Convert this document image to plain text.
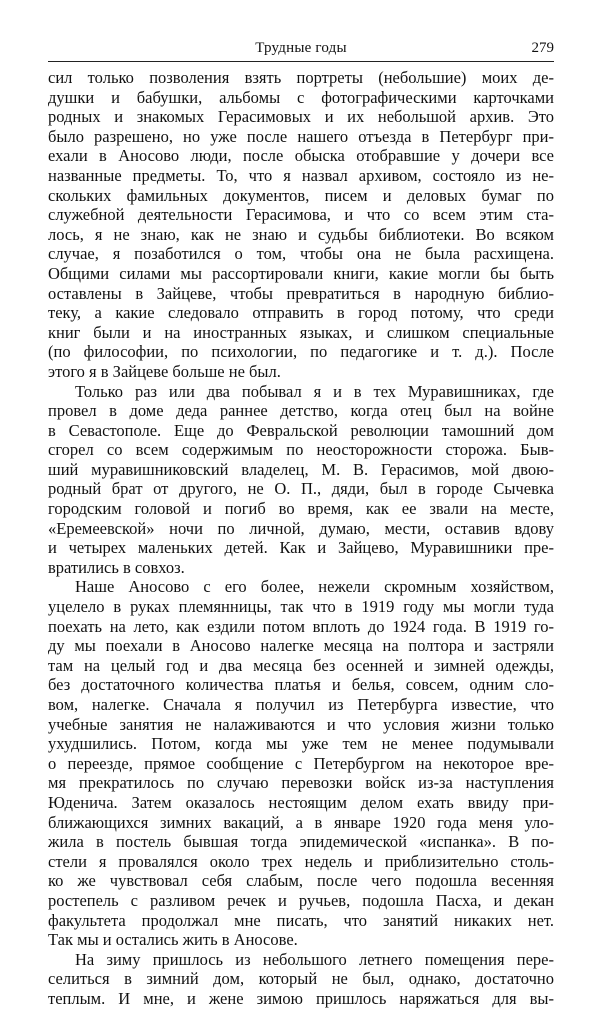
Трудные годы	279
сил только позволения взять портреты (небольшие) моих де-
душки и бабушки, альбомы с фотографическими карточками
родных и знакомых Герасимовых и их небольшой архив. Это
было разрешено, но уже после нашего отъезда в Петербург при-
ехали в Аносово люди, после обыска отобравшие у дочери все
названные предметы. То, что я назвал архивом, состояло из не-
скольких фамильных документов, писем и деловых бумаг по
служебной деятельности Герасимова, и что со всем этим ста-
лось, я не знаю, как не знаю и судьбы библиотеки. Во всяком
случае, я позаботился о том, чтобы она не была расхищена.
Общими силами мы рассортировали книги, какие могли бы быть
оставлены в Зайцеве, чтобы превратиться в народную библио-
теку, а какие следовало отправить в город потому, что среди
книг были и на иностранных языках, и слишком специальные
(по философии, по психологии, по педагогике и т. д.). После
этого я в Зайцеве больше не был.
Только раз или два побывал я и в тех Муравишниках, где
провел в доме деда раннее детство, когда отец был на войне
в Севастополе. Еще до Февральской революции тамошний дом
сгорел со всем содержимым по неосторожности сторожа. Быв-
ший муравишниковский владелец, М. В. Герасимов, мой двою-
родный брат от другого, не О. П., дяди, был в городе Сычевка
городским головой и погиб во время, как ее звали на месте,
«Еремеевской» ночи по личной, думаю, мести, оставив вдову
и четырех маленьких детей. Как и Зайцево, Муравишники пре-
вратились в совхоз.
Наше Аносово с его более, нежели скромным хозяйством,
уцелело в руках племянницы, так что в 1919 году мы могли туда
поехать на лето, как ездили потом вплоть до 1924 года. В 1919 го-
ду мы поехали в Аносово налегке месяца на полтора и застряли
там на целый год и два месяца без осенней и зимней одежды,
без достаточного количества платья и белья, совсем, одним сло-
вом, налегке. Сначала я получил из Петербурга известие, что
учебные занятия не налаживаются и что условия жизни только
ухудшились. Потом, когда мы уже тем не менее подумывали
о переезде, прямое сообщение с Петербургом на некоторое вре-
мя прекратилось по случаю перевозки войск из-за наступления
Юденича. Затем оказалось нестоящим делом ехать ввиду при-
ближающихся зимних вакаций, а в январе 1920 года меня уло-
жила в постель бывшая тогда эпидемической «испанка». В по-
стели я провалялся около трех недель и приблизительно столь-
ко же чувствовал себя слабым, после чего подошла весенняя
ростепель с разливом речек и ручьев, подошла Пасха, и декан
факультета продолжал мне писать, что занятий никаких нет.
Так мы и остались жить в Аносове.
На зиму пришлось из небольшого летнего помещения пере-
селиться в зимний дом, который не был, однако, достаточно
теплым. И мне, и жене зимою пришлось наряжаться для вы-
